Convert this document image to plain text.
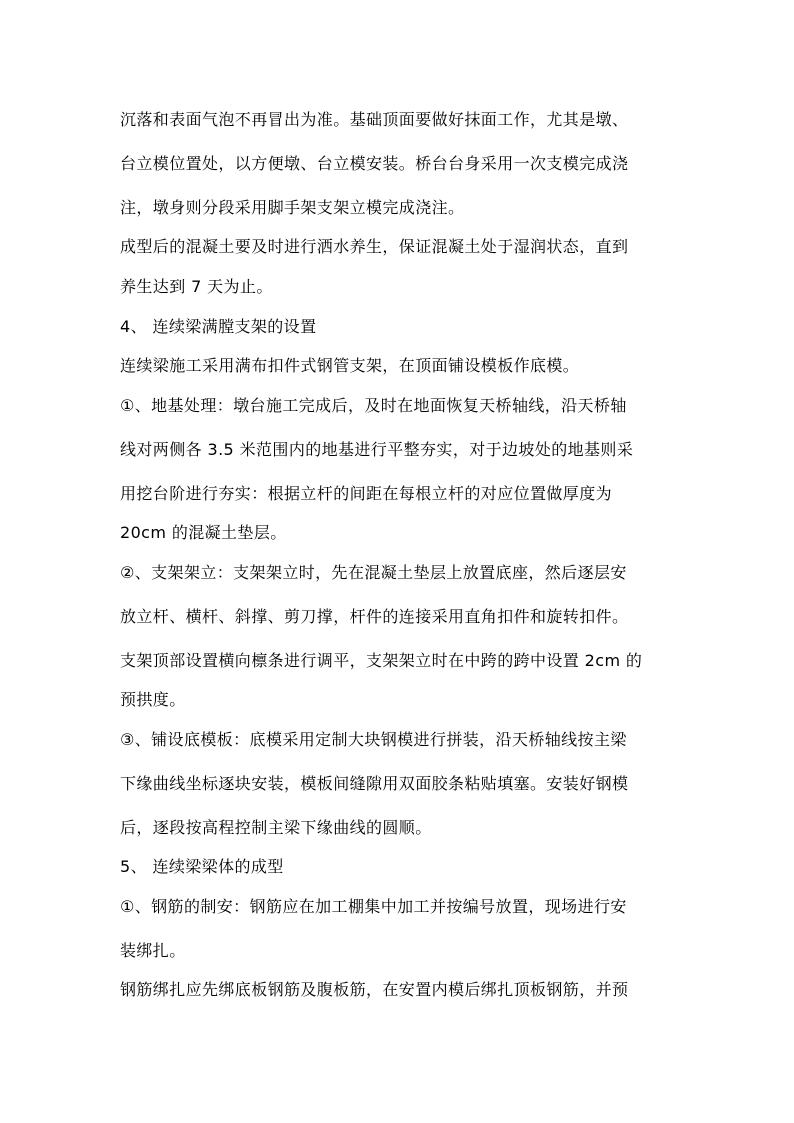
沉落和表面气泡不再冒出为准。基础顶面要做好抹面工作，尤其是墩、
台立模位置处，以方便墩、台立模安装。桥台台身采用一次支模完成浇
注，墩身则分段采用脚手架支架立模完成浇注。
成型后的混凝土要及时进行洒水养生，保证混凝土处于湿润状态，直到
养生达到 7 天为止。
4、 连续梁满膛支架的设置
连续梁施工采用满布扣件式钢管支架，在顶面铺设模板作底模。
①、地基处理：墩台施工完成后，及时在地面恢复天桥轴线，沿天桥轴
线对两侧各 3.5 米范围内的地基进行平整夯实，对于边坡处的地基则采
用挖台阶进行夯实：根据立杆的间距在每根立杆的对应位置做厚度为
20cm 的混凝土垫层。
②、支架架立：支架架立时，先在混凝土垫层上放置底座，然后逐层安
放立杆、横杆、斜撑、剪刀撑，杆件的连接采用直角扣件和旋转扣件。
支架顶部设置横向檩条进行调平，支架架立时在中跨的跨中设置 2cm 的
预拱度。
③、铺设底模板：底模采用定制大块钢模进行拼装，沿天桥轴线按主梁
下缘曲线坐标逐块安装，模板间缝隙用双面胶条粘贴填塞。安装好钢模
后，逐段按高程控制主梁下缘曲线的圆顺。
5、 连续梁梁体的成型
①、钢筋的制安：钢筋应在加工棚集中加工并按编号放置，现场进行安
装绑扎。
钢筋绑扎应先绑底板钢筋及腹板筋，在安置内模后绑扎顶板钢筋，并预
